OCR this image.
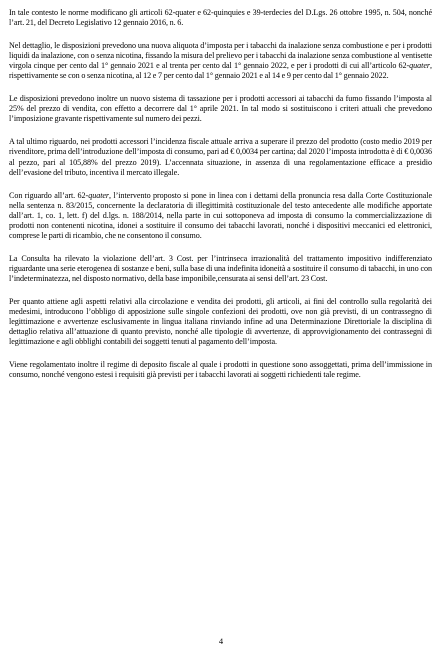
In tale contesto le norme modificano gli articoli 62-quater e 62-quinquies e 39-terdecies del D.Lgs. 26 ottobre 1995, n. 504, nonché l’art. 21, del Decreto Legislativo 12 gennaio 2016, n. 6.

Nel dettaglio, le disposizioni prevedono una nuova aliquota d’imposta per i tabacchi da inalazione senza combustione e per i prodotti liquidi da inalazione, con o senza nicotina, fissando la misura del prelievo per i tabacchi da inalazione senza combustione al ventisette virgola cinque per cento dal 1° gennaio 2021 e al trenta per cento dal 1° gennaio 2022, e per i prodotti di cui all’articolo 62-quater, rispettivamente se con o senza nicotina, al 12 e 7 per cento dal 1° gennaio 2021 e al 14 e 9 per cento dal 1° gennaio 2022.

Le disposizioni prevedono inoltre un nuovo sistema di tassazione per i prodotti accessori ai tabacchi da fumo fissando l’imposta al 25% del prezzo di vendita, con effetto a decorrere dal 1° aprile 2021. In tal modo si sostituiscono i criteri attuali che prevedono l’imposizione gravante rispettivamente sul numero dei pezzi.

A tal ultimo riguardo, nei prodotti accessori l’incidenza fiscale attuale arriva a superare il prezzo del prodotto (costo medio 2019 per rivenditore, prima dell’introduzione dell’imposta di consumo, pari ad € 0,0034 per cartina; dal 2020 l’imposta introdotta è di € 0,0036 al pezzo, pari al 105,88% del prezzo 2019). L’accennata situazione, in assenza di una regolamentazione efficace a presidio dell’evasione del tributo, incentiva il mercato illegale.

Con riguardo all’art. 62-quater, l’intervento proposto si pone in linea con i dettami della pronuncia resa dalla Corte Costituzionale nella sentenza n. 83/2015, concernente la declaratoria di illegittimità costituzionale del testo antecedente alle modifiche apportate dall’art. 1, co. 1, lett. f) del d.lgs. n. 188/2014, nella parte in cui sottoponeva ad imposta di consumo la commercializzazione di prodotti non contenenti nicotina, idonei a sostituire il consumo dei tabacchi lavorati, nonché i dispositivi meccanici ed elettronici, comprese le parti di ricambio, che ne consentono il consumo.

La Consulta ha rilevato la violazione dell’art. 3 Cost. per l’intrinseca irrazionalità del trattamento impositivo indifferenziato riguardante una serie eterogenea di sostanze e beni, sulla base di una indefinita idoneità a sostituire il consumo di tabacchi, in uno con l’indeterminatezza, nel disposto normativo, della base imponibile,censurata ai sensi dell’art. 23 Cost.

Per quanto attiene agli aspetti relativi alla circolazione e vendita dei prodotti, gli articoli, ai fini del controllo sulla regolarità dei medesimi, introducono l’obbligo di apposizione sulle singole confezioni dei prodotti, ove non già previsti, di un contrassegno di legittimazione e avvertenze esclusivamente in lingua italiana rinviando infine ad una Determinazione Direttoriale la disciplina di dettaglio relativa all’attuazione di quanto previsto, nonché alle tipologie di avvertenze, di approvvigionamento dei contrassegni di legittimazione e agli obblighi contabili dei soggetti tenuti al pagamento dell’imposta.

Viene regolamentato inoltre il regime di deposito fiscale al quale i prodotti in questione sono assoggettati, prima dell’immissione in consumo, nonché vengono estesi i requisiti già previsti per i tabacchi lavorati ai soggetti richiedenti tale regime.

4
